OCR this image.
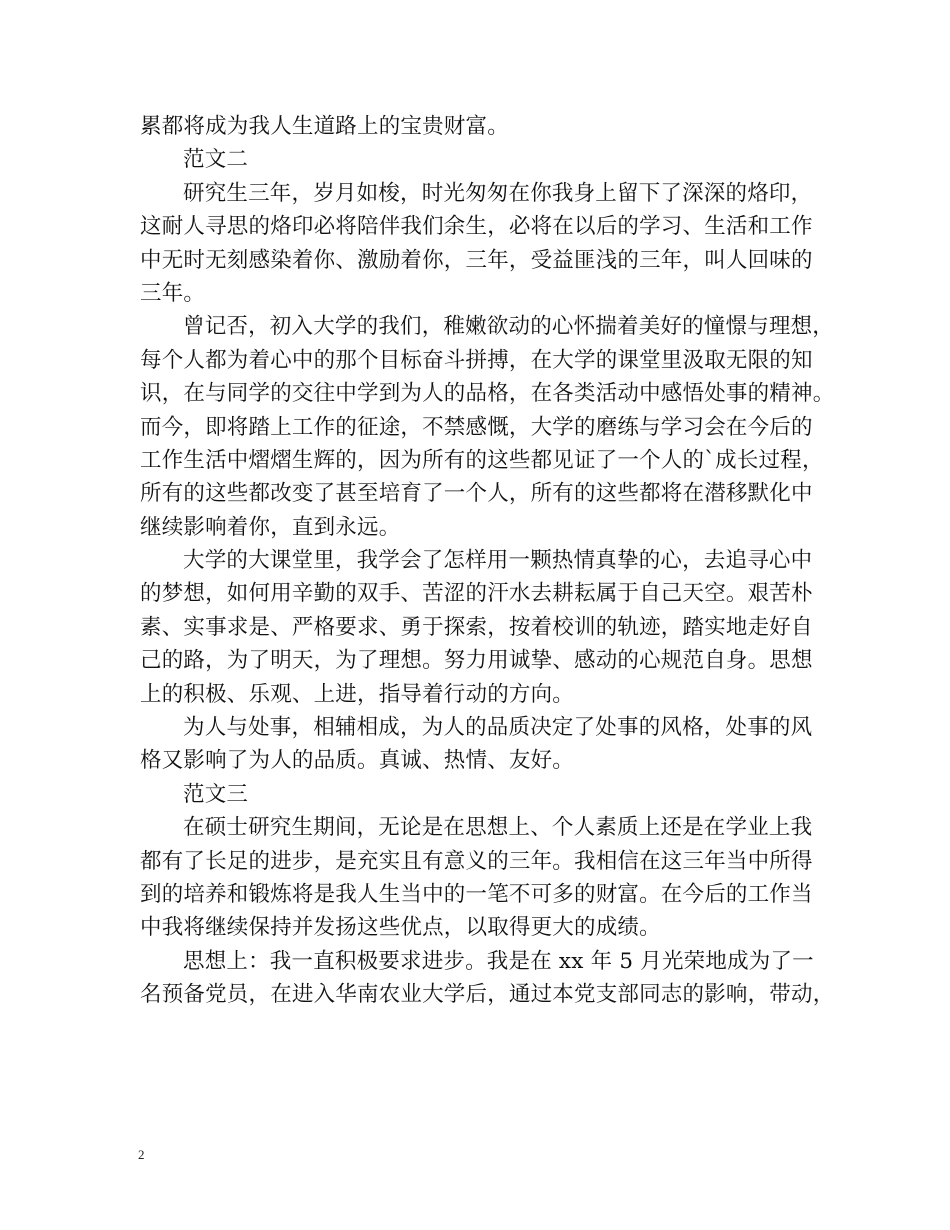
累都将成为我人生道路上的宝贵财富。
范文二
研究生三年，岁月如梭，时光匆匆在你我身上留下了深深的烙印，
这耐人寻思的烙印必将陪伴我们余生，必将在以后的学习、生活和工作
中无时无刻感染着你、激励着你，三年，受益匪浅的三年，叫人回味的
三年。
曾记否，初入大学的我们，稚嫩欲动的心怀揣着美好的憧憬与理想，
每个人都为着心中的那个目标奋斗拼搏，在大学的课堂里汲取无限的知
识，在与同学的交往中学到为人的品格，在各类活动中感悟处事的精神。
而今，即将踏上工作的征途，不禁感慨，大学的磨练与学习会在今后的
工作生活中熠熠生辉的，因为所有的这些都见证了一个人的`成长过程，
所有的这些都改变了甚至培育了一个人，所有的这些都将在潜移默化中
继续影响着你，直到永远。
大学的大课堂里，我学会了怎样用一颗热情真挚的心，去追寻心中
的梦想，如何用辛勤的双手、苦涩的汗水去耕耘属于自己天空。艰苦朴
素、实事求是、严格要求、勇于探索，按着校训的轨迹，踏实地走好自
己的路，为了明天，为了理想。努力用诚挚、感动的心规范自身。思想
上的积极、乐观、上进，指导着行动的方向。
为人与处事，相辅相成，为人的品质决定了处事的风格，处事的风
格又影响了为人的品质。真诚、热情、友好。
范文三
在硕士研究生期间，无论是在思想上、个人素质上还是在学业上我
都有了长足的进步，是充实且有意义的三年。我相信在这三年当中所得
到的培养和锻炼将是我人生当中的一笔不可多的财富。在今后的工作当
中我将继续保持并发扬这些优点，以取得更大的成绩。
思想上：我一直积极要求进步。我是在 xx 年 5 月光荣地成为了一
名预备党员，在进入华南农业大学后，通过本党支部同志的影响，带动，
2
